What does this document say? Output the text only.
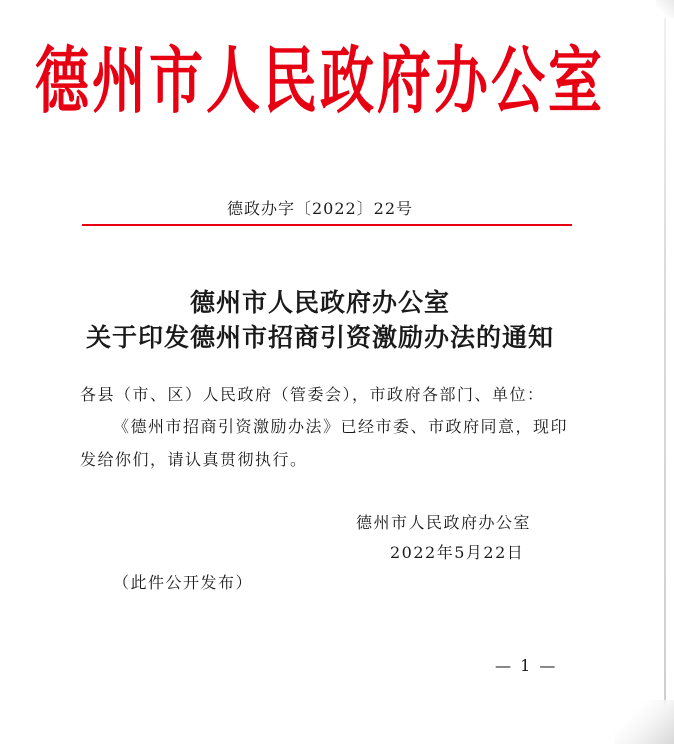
德州市人民政府办公室
德政办字〔2022〕22号
德州市人民政府办公室
关于印发德州市招商引资激励办法的通知
各县（市、区）人民政府（管委会），市政府各部门、单位：
《德州市招商引资激励办法》已经市委、市政府同意，现印
发给你们，请认真贯彻执行。
德州市人民政府办公室
2022年5月22日
（此件公开发布）
— 1 —
